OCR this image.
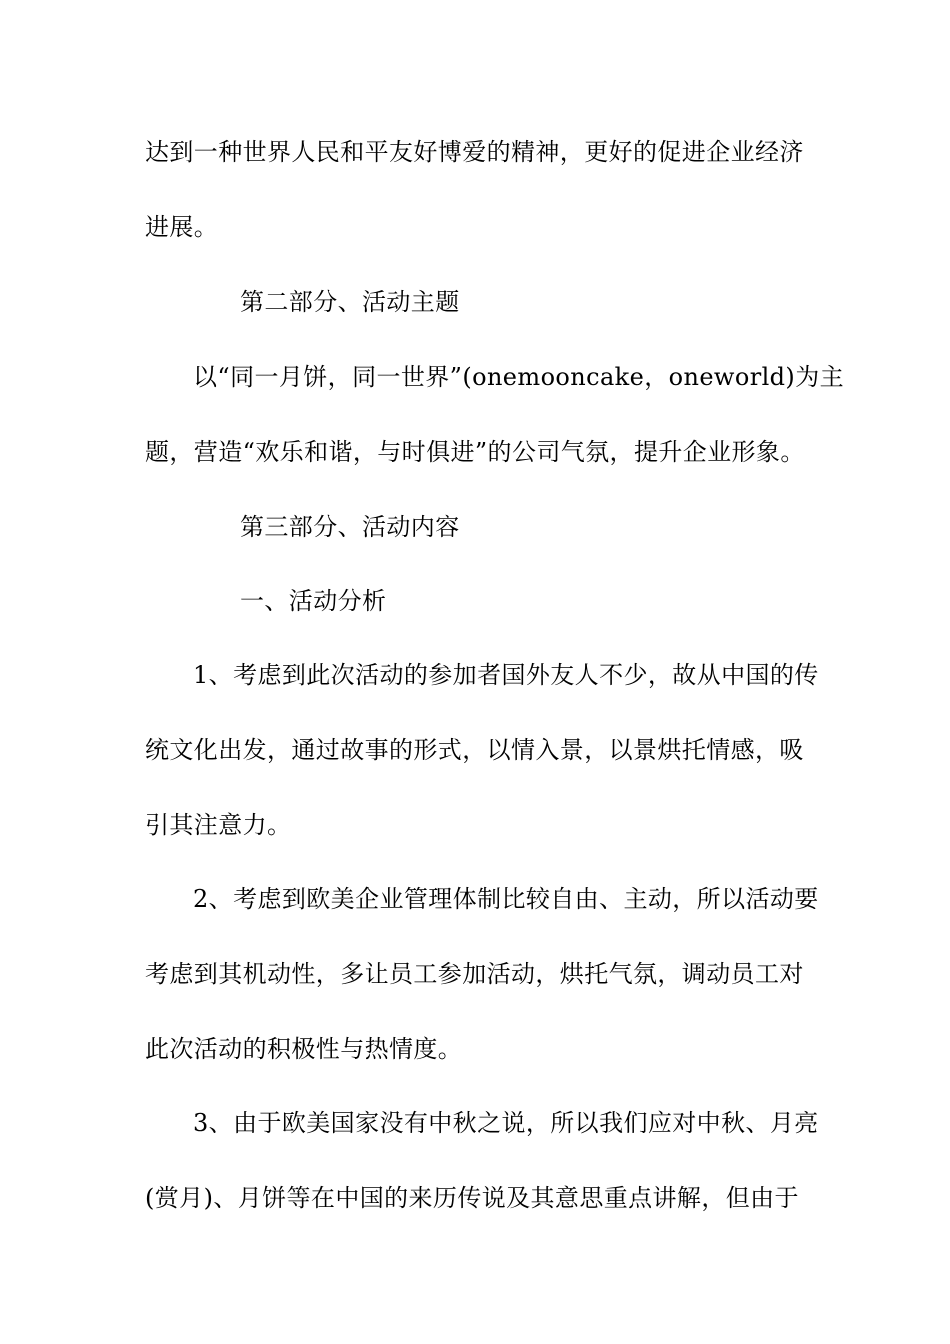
达到一种世界人民和平友好博爱的精神，更好的促进企业经济
进展。
第二部分、活动主题
以“同一月饼，同一世界”(onemooncake，oneworld)为主
题，营造“欢乐和谐，与时俱进”的公司气氛，提升企业形象。
第三部分、活动内容
一、活动分析
1、考虑到此次活动的参加者国外友人不少，故从中国的传
统文化出发，通过故事的形式，以情入景，以景烘托情感，吸
引其注意力。
2、考虑到欧美企业管理体制比较自由、主动，所以活动要
考虑到其机动性，多让员工参加活动，烘托气氛，调动员工对
此次活动的积极性与热情度。
3、由于欧美国家没有中秋之说，所以我们应对中秋、月亮
(赏月)、月饼等在中国的来历传说及其意思重点讲解，但由于
